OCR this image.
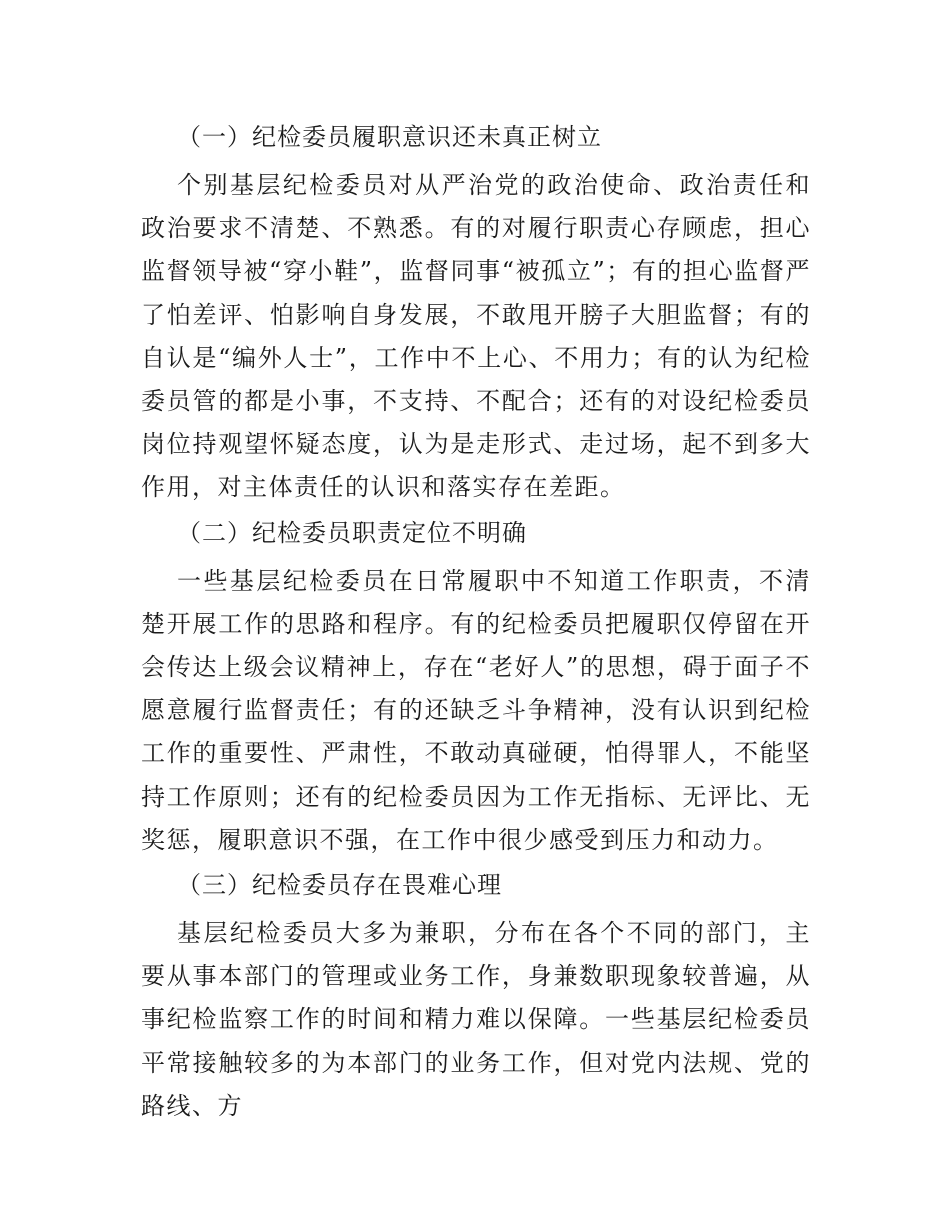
（一）纪检委员履职意识还未真正树立

个别基层纪检委员对从严治党的政治使命、政治责任和政治要求不清楚、不熟悉。有的对履行职责心存顾虑，担心监督领导被“穿小鞋”，监督同事“被孤立”；有的担心监督严了怕差评、怕影响自身发展，不敢甩开膀子大胆监督；有的自认是“编外人士”，工作中不上心、不用力；有的认为纪检委员管的都是小事，不支持、不配合；还有的对设纪检委员岗位持观望怀疑态度，认为是走形式、走过场，起不到多大作用，对主体责任的认识和落实存在差距。

（二）纪检委员职责定位不明确

一些基层纪检委员在日常履职中不知道工作职责，不清楚开展工作的思路和程序。有的纪检委员把履职仅停留在开会传达上级会议精神上，存在“老好人”的思想，碍于面子不愿意履行监督责任；有的还缺乏斗争精神，没有认识到纪检工作的重要性、严肃性，不敢动真碰硬，怕得罪人，不能坚持工作原则；还有的纪检委员因为工作无指标、无评比、无奖惩，履职意识不强，在工作中很少感受到压力和动力。

（三）纪检委员存在畏难心理

基层纪检委员大多为兼职，分布在各个不同的部门，主要从事本部门的管理或业务工作，身兼数职现象较普遍，从事纪检监察工作的时间和精力难以保障。一些基层纪检委员平常接触较多的为本部门的业务工作，但对党内法规、党的路线、方
